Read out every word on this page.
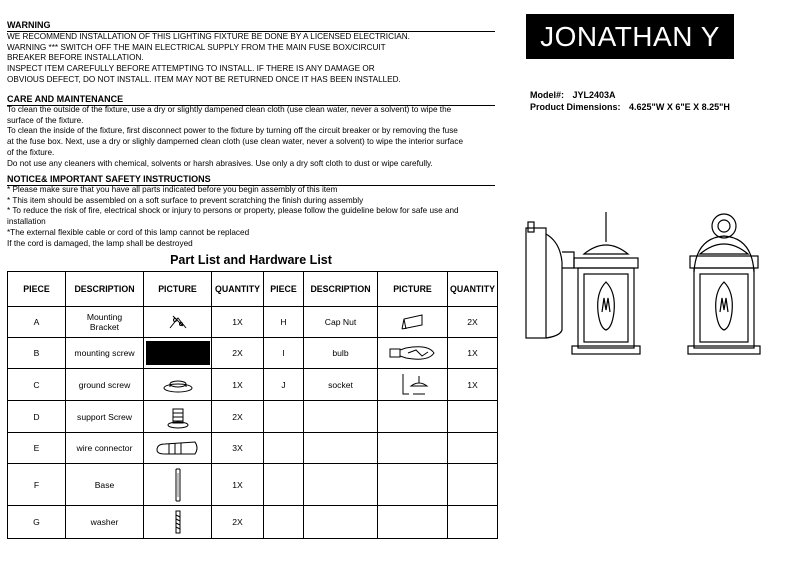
WARNING
WE RECOMMEND INSTALLATION OF THIS LIGHTING FIXTURE BE DONE BY A LICENSED ELECTRICIAN.
WARNING *** SWITCH OFF THE MAIN ELECTRICAL SUPPLY FROM THE MAIN FUSE BOX/CIRCUIT
BREAKER BEFORE INSTALLATION.
INSPECT ITEM CAREFULLY BEFORE ATTEMPTING TO INSTALL. IF THERE IS ANY DAMAGE OR
OBVIOUS DEFECT, DO NOT INSTALL. ITEM MAY NOT BE RETURNED ONCE IT HAS BEEN INSTALLED.
CARE AND MAINTENANCE
To clean the outside of the fixture, use a dry or slightly dampened clean cloth (use clean water, never a solvent) to wipe the
surface of the fixture.
To clean the inside of the fixture, first disconnect power to the fixture by turning off the circuit breaker or by removing the fuse
at the fuse box. Next, use a dry or slighly damperned clean cloth (use clean water, never a solvent) to wipe the interior surface
of the fixture.
Do not use any cleaners with chemical, solvents or harsh abrasives. Use only a dry soft cloth to dust or wipe carefully.
NOTICE& IMPORTANT SAFETY INSTRUCTIONS
* Please make sure that you have all parts indicated before you begin assembly of this item
* This item should be assembled on a soft surface to prevent scratching the finish during assembly
* To reduce the risk of fire, electrical shock or injury to persons or property, please follow the guideline below for safe use and
installation
*The external flexible cable or cord of this lamp cannot be replaced
If the cord is damaged, the lamp shall be destroyed
JONATHAN Y
Model#: JYL2403A
Product Dimensions: 4.625"W X 6"E X 8.25"H
Part List and Hardware List
PIECE	DESCRIPTION	PICTURE	QUANTITY	PIECE	DESCRIPTION	PICTURE	QUANTITY
A	Mounting
Bracket		1X	H	Cap Nut		2X
B	mounting screw		2X	I	bulb		1X
C	ground screw		1X	J	socket		1X
D	support Screw		2X				
E	wire connector		3X				
F	Base		1X				
G	washer		2X				
